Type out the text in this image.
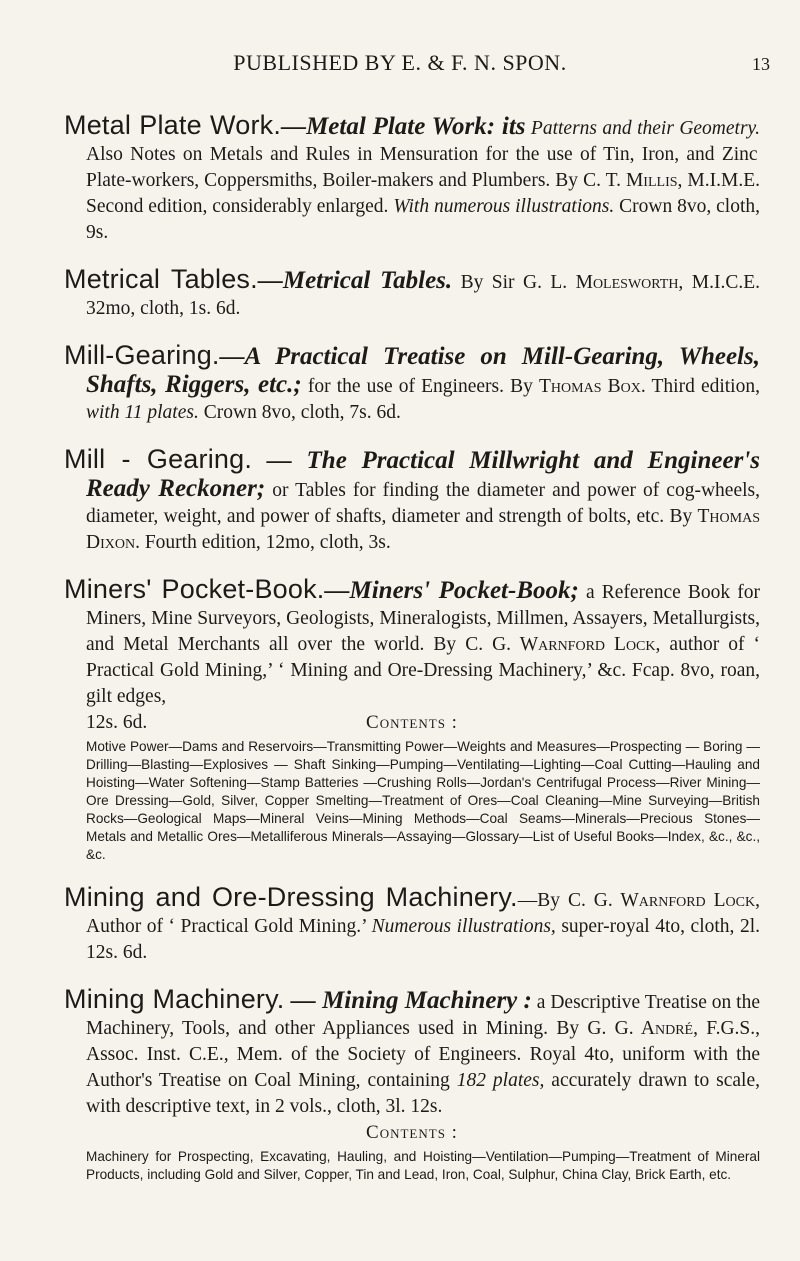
PUBLISHED BY E. & F. N. SPON.	13

Metal Plate Work.—Metal Plate Work: its Patterns and their Geometry. Also Notes on Metals and Rules in Mensuration for the use of Tin, Iron, and Zinc Plate-workers, Coppersmiths, Boiler-makers and Plumbers. By C. T. Millis, M.I.M.E. Second edition, considerably enlarged. With numerous illustrations. Crown 8vo, cloth, 9s.

Metrical Tables.—Metrical Tables. By Sir G. L. Molesworth, M.I.C.E. 32mo, cloth, 1s. 6d.

Mill-Gearing.—A Practical Treatise on Mill-Gearing, Wheels, Shafts, Riggers, etc.; for the use of Engineers. By Thomas Box. Third edition, with 11 plates. Crown 8vo, cloth, 7s. 6d.

Mill - Gearing. — The Practical Millwright and Engineer's Ready Reckoner; or Tables for finding the diameter and power of cog-wheels, diameter, weight, and power of shafts, diameter and strength of bolts, etc. By Thomas Dixon. Fourth edition, 12mo, cloth, 3s.

Miners' Pocket-Book.—Miners' Pocket-Book; a Reference Book for Miners, Mine Surveyors, Geologists, Mineralogists, Millmen, Assayers, Metallurgists, and Metal Merchants all over the world. By C. G. Warnford Lock, author of ‘ Practical Gold Mining,’ ‘ Mining and Ore-Dressing Machinery,’ &c. Fcap. 8vo, roan, gilt edges,

12s. 6d.	Contents :

Motive Power—Dams and Reservoirs—Transmitting Power—Weights and Measures—Prospecting — Boring — Drilling—Blasting—Explosives — Shaft Sinking—Pumping—Ventilating—Lighting—Coal Cutting—Hauling and Hoisting—Water Softening—Stamp Batteries —Crushing Rolls—Jordan's Centrifugal Process—River Mining—Ore Dressing—Gold, Silver, Copper Smelting—Treatment of Ores—Coal Cleaning—Mine Surveying—British Rocks—Geological Maps—Mineral Veins—Mining Methods—Coal Seams—Minerals—Precious Stones—Metals and Metallic Ores—Metalliferous Minerals—Assaying—Glossary—List of Useful Books—Index, &c., &c., &c.

Mining and Ore-Dressing Machinery.—By C. G. Warnford Lock, Author of ‘ Practical Gold Mining.’ Numerous illustrations, super-royal 4to, cloth, 2l. 12s. 6d.

Mining Machinery. — Mining Machinery : a Descriptive Treatise on the Machinery, Tools, and other Appliances used in Mining. By G. G. André, F.G.S., Assoc. Inst. C.E., Mem. of the Society of Engineers. Royal 4to, uniform with the Author's Treatise on Coal Mining, containing 182 plates, accurately drawn to scale, with descriptive text, in 2 vols., cloth, 3l. 12s.

Contents :

Machinery for Prospecting, Excavating, Hauling, and Hoisting—Ventilation—Pumping—Treatment of Mineral Products, including Gold and Silver, Copper, Tin and Lead, Iron, Coal, Sulphur, China Clay, Brick Earth, etc.
